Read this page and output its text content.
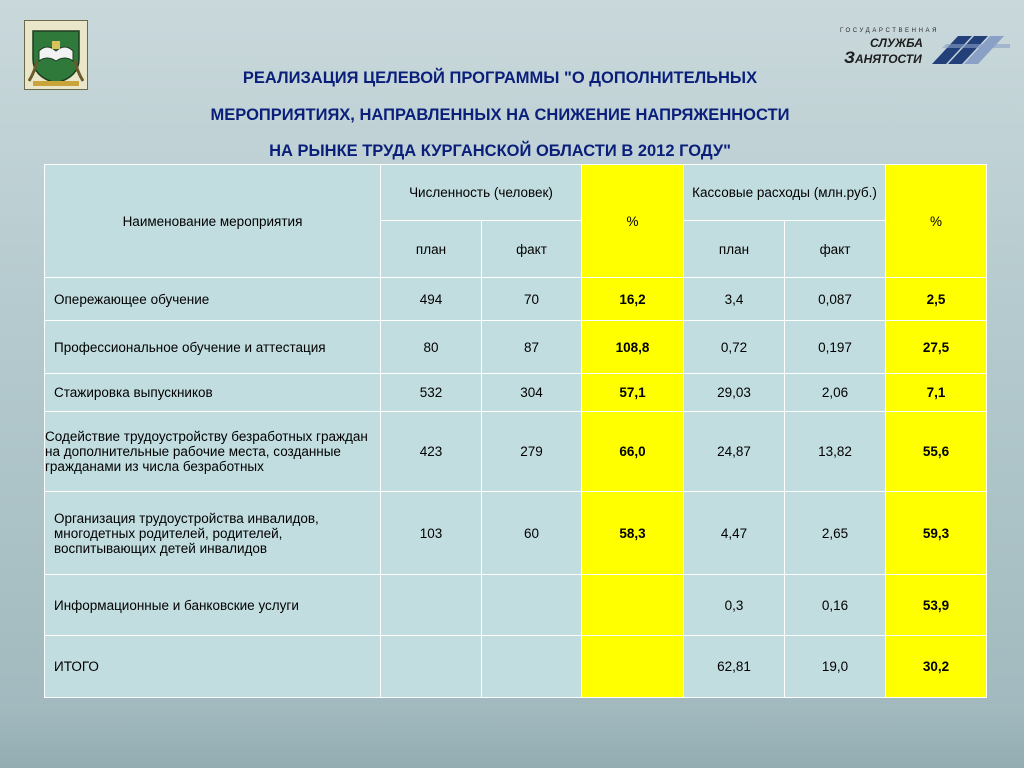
ГОСУДАРСТВЕННАЯ
СЛУЖБА
ЗАНЯТОСТИ
РЕАЛИЗАЦИЯ ЦЕЛЕВОЙ ПРОГРАММЫ "О ДОПОЛНИТЕЛЬНЫХ
МЕРОПРИЯТИЯХ, НАПРАВЛЕННЫХ НА СНИЖЕНИЕ НАПРЯЖЕННОСТИ
НА РЫНКЕ ТРУДА КУРГАНСКОЙ ОБЛАСТИ В 2012 ГОДУ"
Наименование мероприятия	Численность (человек)		%	Кассовые расходы (млн.руб.)		%
	план	факт		план	факт	
Опережающее обучение	494	70	16,2	3,4	0,087	2,5
Профессиональное обучение и аттестация	80	87	108,8	0,72	0,197	27,5
Стажировка выпускников	532	304	57,1	29,03	2,06	7,1
Содействие трудоустройству безработных граждан на дополнительные рабочие места, созданные гражданами из числа безработных	423	279	66,0	24,87	13,82	55,6
Организация трудоустройства инвалидов, многодетных родителей, родителей, воспитывающих детей инвалидов	103	60	58,3	4,47	2,65	59,3
Информационные и банковские услуги				0,3	0,16	53,9
ИТОГО				62,81	19,0	30,2
